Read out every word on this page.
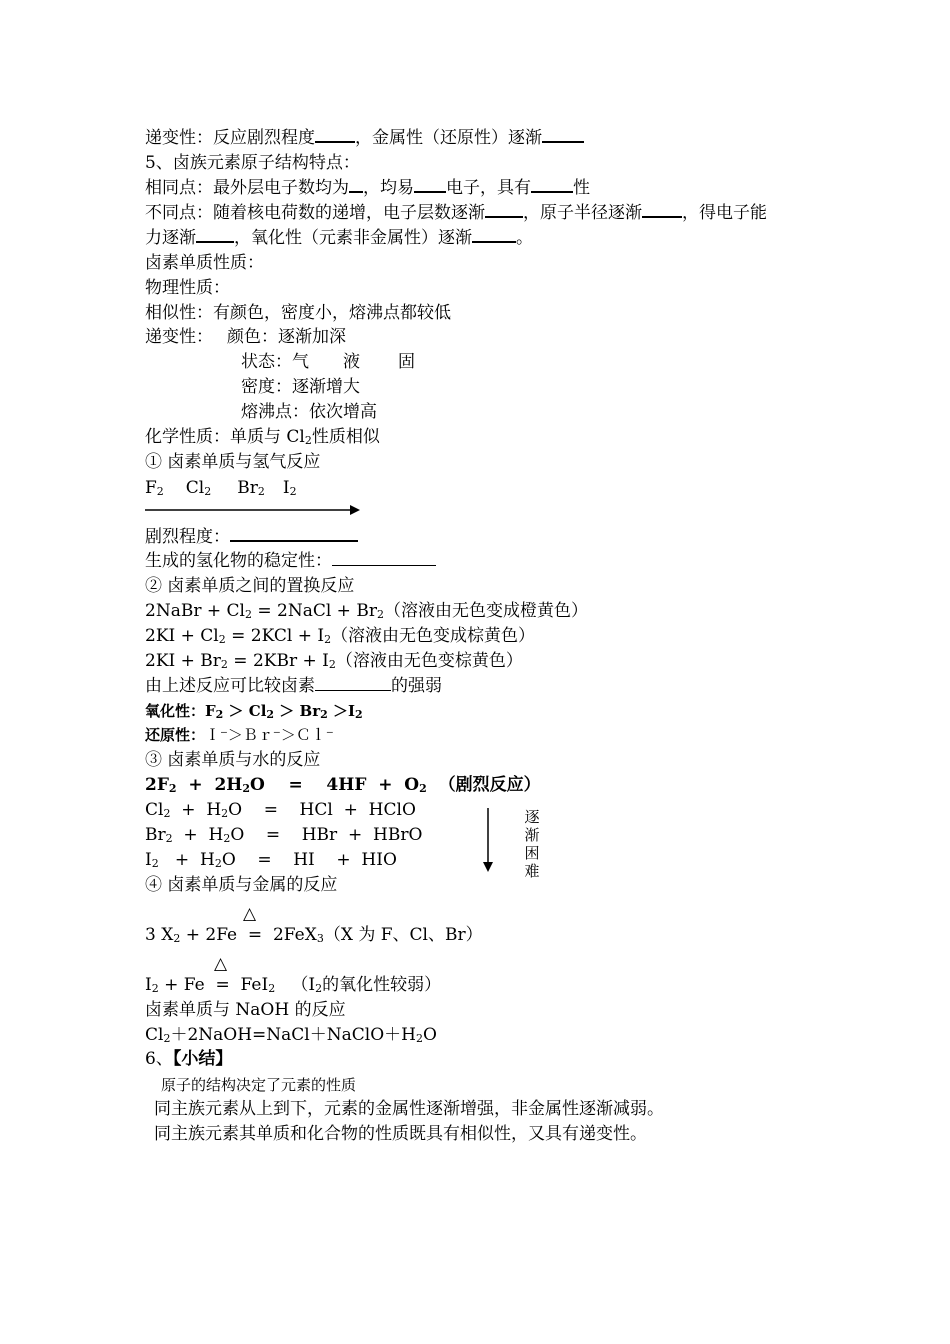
递变性：反应剧烈程度 ，金属性（还原性）逐渐
5、卤族元素原子结构特点：
相同点：最外层电子数均为 ，均易 电子，具有 性
不同点：随着核电荷数的递增，电子层数逐渐 ，原子半径逐渐 ，得电子能
力逐渐 ，氧化性（元素非金属性）逐渐	。
卤素单质性质：
物理性质：
相似性：有颜色，密度小，熔沸点都较低
递变性： 颜色：逐渐加深
状态：气 液 固
密度：逐渐增大
熔沸点：依次增高
化学性质：单质与 $Cl_2$性质相似
① 卤素单质与氢气反应
$F_2$ $Cl_2$ $Br_2$ $I_2$
剧烈程度：
生成的氢化物的稳定性：
② 卤素单质之间的置换反应
2NaBr + $Cl_2$ = 2NaCl + $Br_2$（溶液由无色变成橙黄色）
$2KI + Cl_2 = 2KCl + I_2$（溶液由无色变成棕黄色）
$2KI + Br_2 = 2KBr + I_2$（溶液由无色变棕黄色）
由上述反应可比较卤素	的强弱
氧化性：$F_2 > Cl_2 > Br_2 >I_2$
还原性：Ｉ⁻＞Ｂｒ⁻＞Ｃｌ⁻
③ 卤素单质与水的反应
$2F_2 + 2H_2O$    =    $4HF + O_2$  （剧烈反应）
$Cl_2 + H_2O$    =    HCl  +  HClO
$Br_2 + H_2O$    =    HBr  +  HBrO
$I_2 + H_2O$    =    HI    +  HIO
逐
渐
困
难
④ 卤素单质与金属的反应
△
3 $X_2 + 2Fe = 2FeX_3(X$ 为 F、Cl、Br）
△
$I_2 + Fe = FeI_2$   （$I_2$的氧化性较弱）
卤素单质与 NaOH 的反应
$Cl_2+2NaOH=NaCl+NaClO+H_2O$
6、【小结】
原子的结构决定了元素的性质
同主族元素从上到下，元素的金属性逐渐增强，非金属性逐渐减弱。
同主族元素其单质和化合物的性质既具有相似性，又具有递变性。
